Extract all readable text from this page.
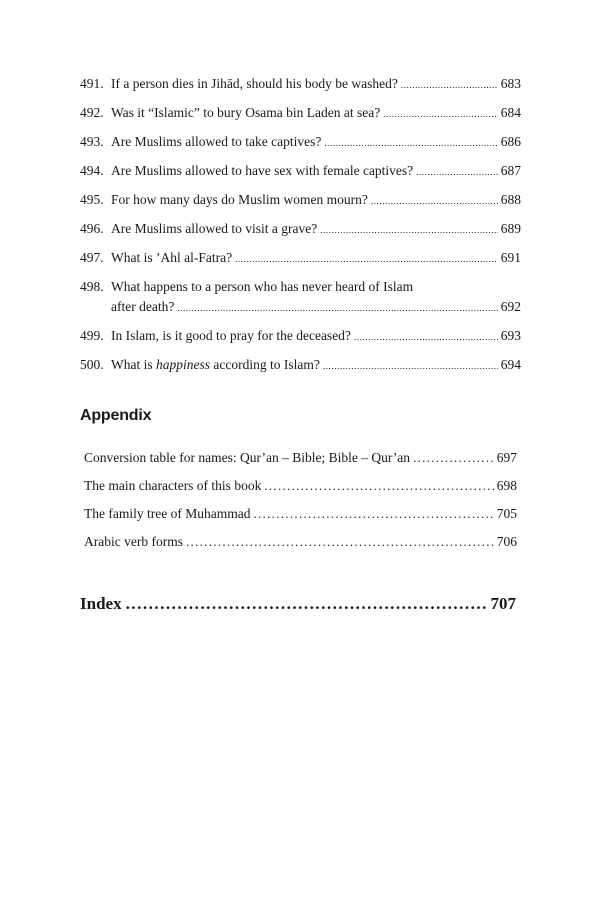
491. If a person dies in Jihād, should his body be washed? .....	683
492. Was it “Islamic” to bury Osama bin Laden at sea? .....	684
493. Are Muslims allowed to take captives? .....	686
494. Are Muslims allowed to have sex with female captives? .....	687
495. For how many days do Muslim women mourn? .....	688
496. Are Muslims allowed to visit a grave? .....	689
497. What is ’Ahl al-Fatra? .....	691
498. What happens to a person who has never heard of Islam
after death? .....	692
499. In Islam, is it good to pray for the deceased? .....	693
500. What is happiness according to Islam? .....	694
Appendix
Conversion table for names: Qur’an – Bible; Bible – Qur’an .....	697
The main characters of this book .....	698
The family tree of Muhammad .....	705
Arabic verb forms .....	706
Index .....	707
